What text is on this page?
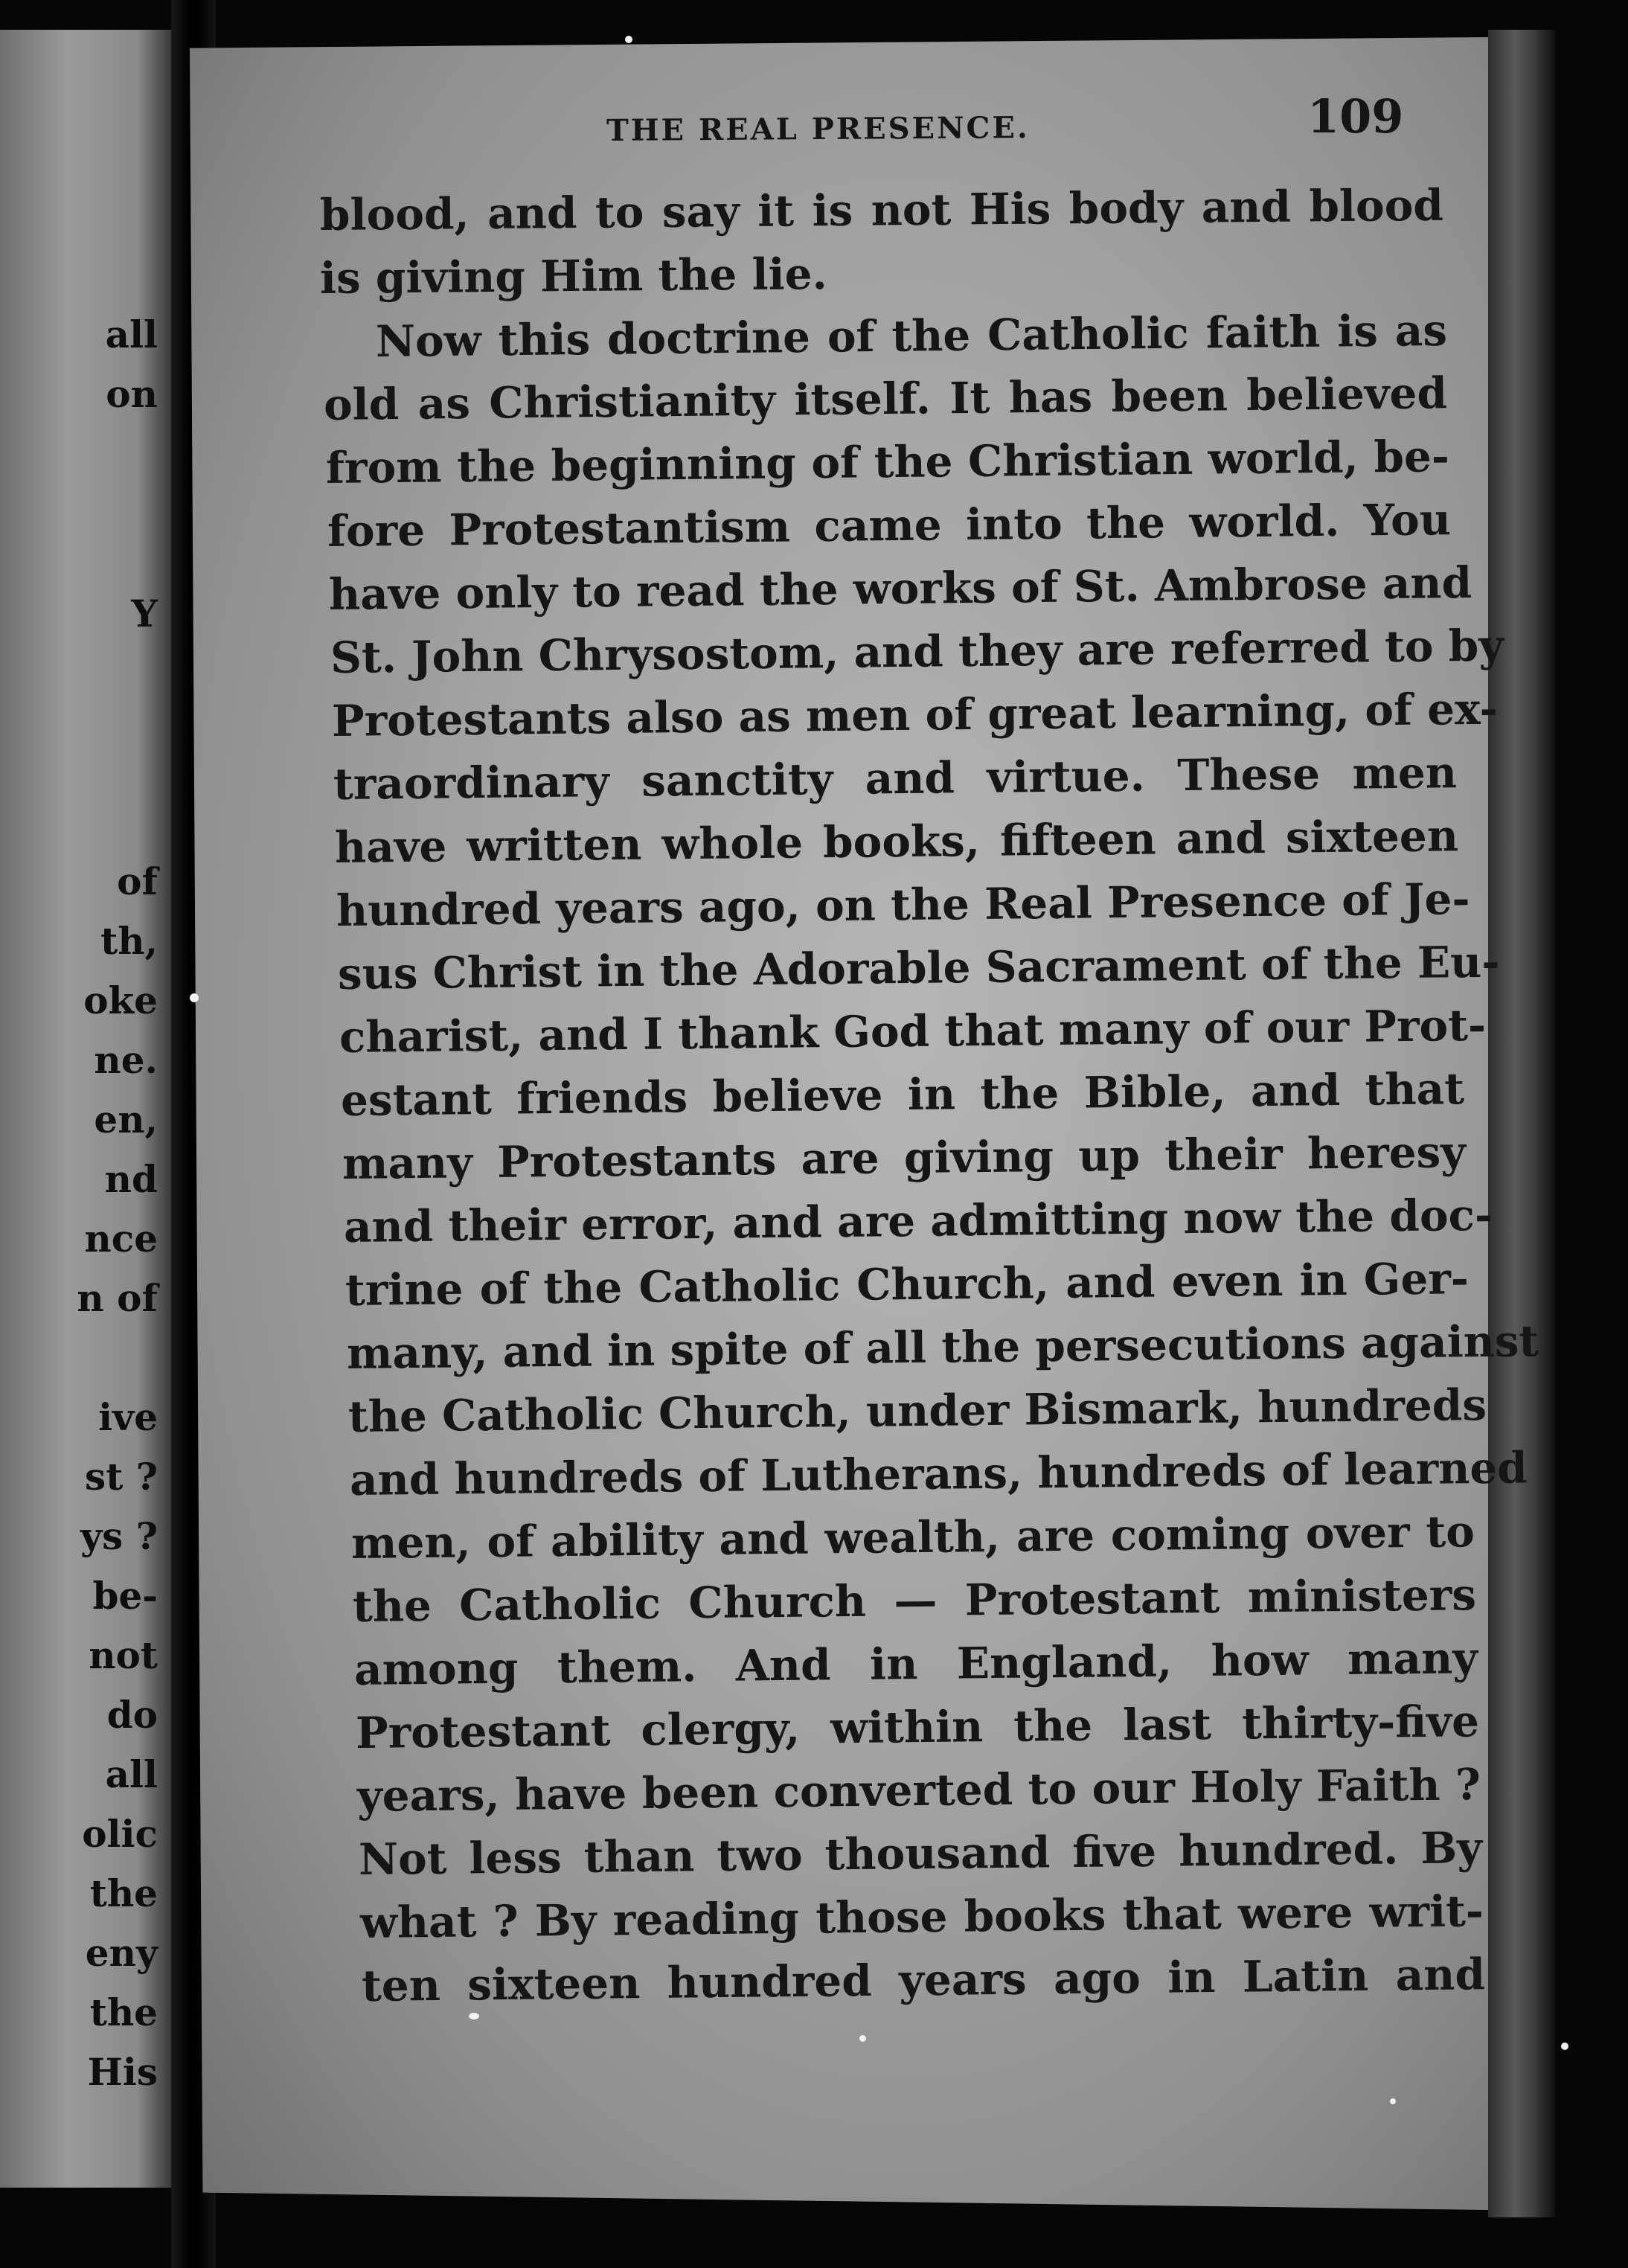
all
on
Y
of
th,
oke
ne.
en,
nd
nce
n of
ive
st ?
ys ?
be-
not
do
all
olic
the
eny
the
His
THE REAL PRESENCE.	109
blood, and to say it is not His body and blood
is giving Him the lie.
Now this doctrine of the Catholic faith is as
old as Christianity itself. It has been believed
from the beginning of the Christian world, be-
fore Protestantism came into the world. You
have only to read the works of St. Ambrose and
St. John Chrysostom, and they are referred to by
Protestants also as men of great learning, of ex-
traordinary sanctity and virtue. These men
have written whole books, fifteen and sixteen
hundred years ago, on the Real Presence of Je-
sus Christ in the Adorable Sacrament of the Eu-
charist, and I thank God that many of our Prot-
estant friends believe in the Bible, and that
many Protestants are giving up their heresy
and their error, and are admitting now the doc-
trine of the Catholic Church, and even in Ger-
many, and in spite of all the persecutions against
the Catholic Church, under Bismark, hundreds
and hundreds of Lutherans, hundreds of learned
men, of ability and wealth, are coming over to
the Catholic Church — Protestant ministers
among them. And in England, how many
Protestant clergy, within the last thirty-five
years, have been converted to our Holy Faith ?
Not less than two thousand five hundred. By
what ? By reading those books that were writ-
ten sixteen hundred years ago in Latin and
